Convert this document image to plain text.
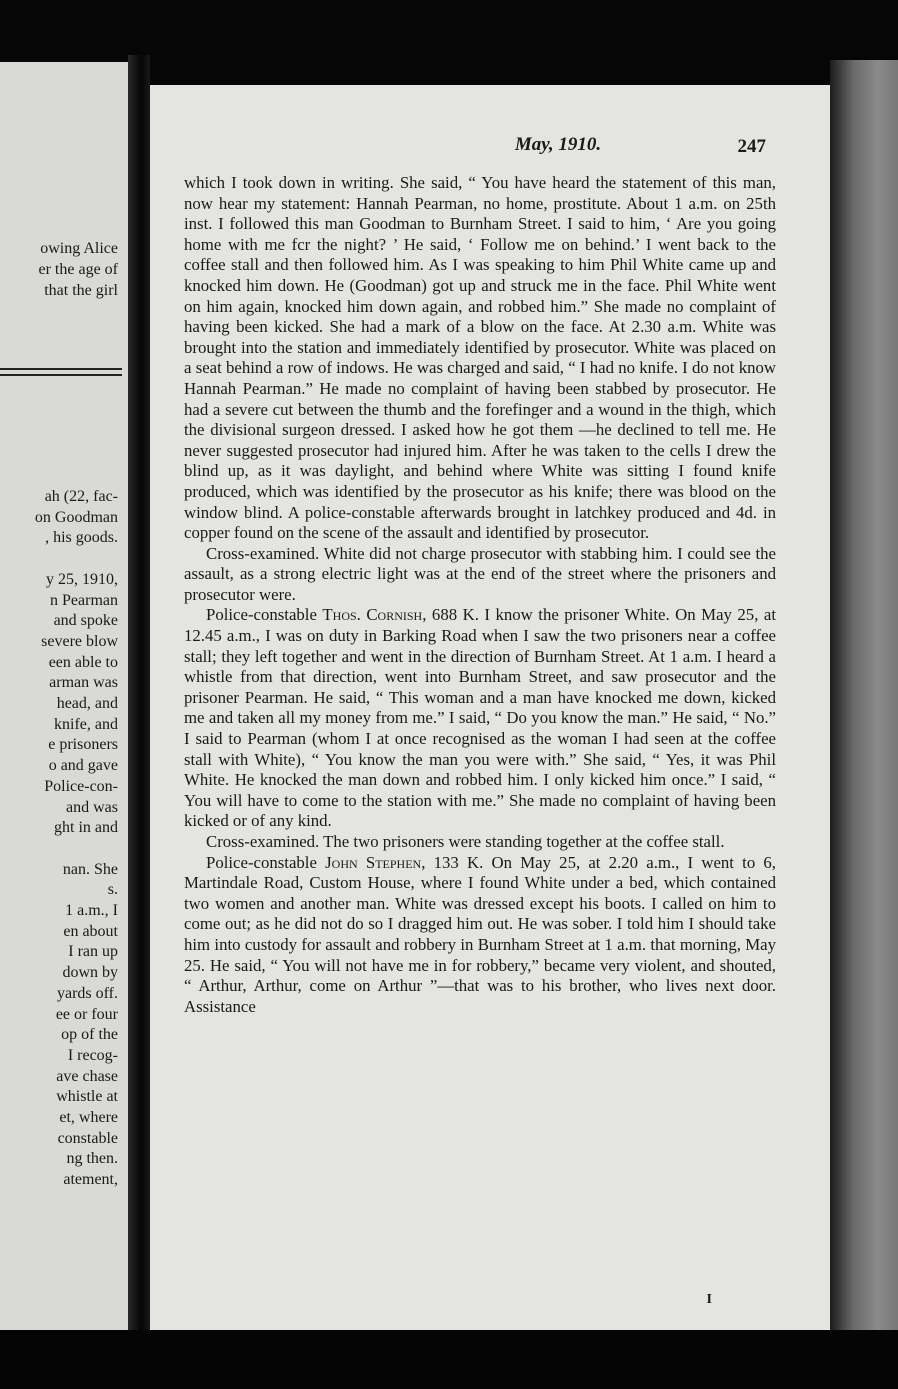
owing Alice
er the age of
that the girl
ah (22, fac-
on Goodman
, his goods.
y 25, 1910,
n Pearman
and spoke
severe blow
een able to
arman was
head, and
knife, and
e prisoners
o and gave
Police-con-
and was
ght in and
nan. She
s.
1 a.m., I
en about
I ran up
down by
yards off.
ee or four
op of the
I recog-
ave chase
whistle at
et, where
constable
ng then.
atement,
May, 1910.	247

which I took down in writing. She said, “ You have heard the statement of this man, now hear my statement: Hannah Pearman, no home, prostitute. About 1 a.m. on 25th inst. I followed this man Goodman to Burnham Street. I said to him, ‘ Are you going home with me fcr the night? ’ He said, ‘ Follow me on behind.’ I went back to the coffee stall and then followed him. As I was speaking to him Phil White came up and knocked him down. He (Goodman) got up and struck me in the face. Phil White went on him again, knocked him down again, and robbed him.” She made no complaint of having been kicked. She had a mark of a blow on the face. At 2.30 a.m. White was brought into the station and immediately identified by prosecutor. White was placed on a seat behind a row of indows. He was charged and said, “ I had no knife. I do not know Hannah Pearman.” He made no complaint of having been stabbed by prosecutor. He had a severe cut between the thumb and the forefinger and a wound in the thigh, which the divisional surgeon dressed. I asked how he got them —he declined to tell me. He never suggested prosecutor had injured him. After he was taken to the cells I drew the blind up, as it was daylight, and behind where White was sitting I found knife produced, which was identified by the prosecutor as his knife; there was blood on the window blind. A police-constable afterwards brought in latchkey produced and 4d. in copper found on the scene of the assault and identified by prosecutor.

Cross-examined. White did not charge prosecutor with stabbing him. I could see the assault, as a strong electric light was at the end of the street where the prisoners and prosecutor were.

Police-constable Thos. Cornish, 688 K. I know the prisoner White. On May 25, at 12.45 a.m., I was on duty in Barking Road when I saw the two prisoners near a coffee stall; they left together and went in the direction of Burnham Street. At 1 a.m. I heard a whistle from that direction, went into Burnham Street, and saw prosecutor and the prisoner Pearman. He said, “ This woman and a man have knocked me down, kicked me and taken all my money from me.” I said, “ Do you know the man.” He said, “ No.” I said to Pearman (whom I at once recognised as the woman I had seen at the coffee stall with White), “ You know the man you were with.” She said, “ Yes, it was Phil White. He knocked the man down and robbed him. I only kicked him once.” I said, “ You will have to come to the station with me.” She made no complaint of having been kicked or of any kind.

Cross-examined. The two prisoners were standing together at the coffee stall.

Police-constable John Stephen, 133 K. On May 25, at 2.20 a.m., I went to 6, Martindale Road, Custom House, where I found White under a bed, which contained two women and another man. White was dressed except his boots. I called on him to come out; as he did not do so I dragged him out. He was sober. I told him I should take him into custody for assault and robbery in Burnham Street at 1 a.m. that morning, May 25. He said, “ You will not have me in for robbery,” became very violent, and shouted, “ Arthur, Arthur, come on Arthur ”—that was to his brother, who lives next door. Assistance

I
